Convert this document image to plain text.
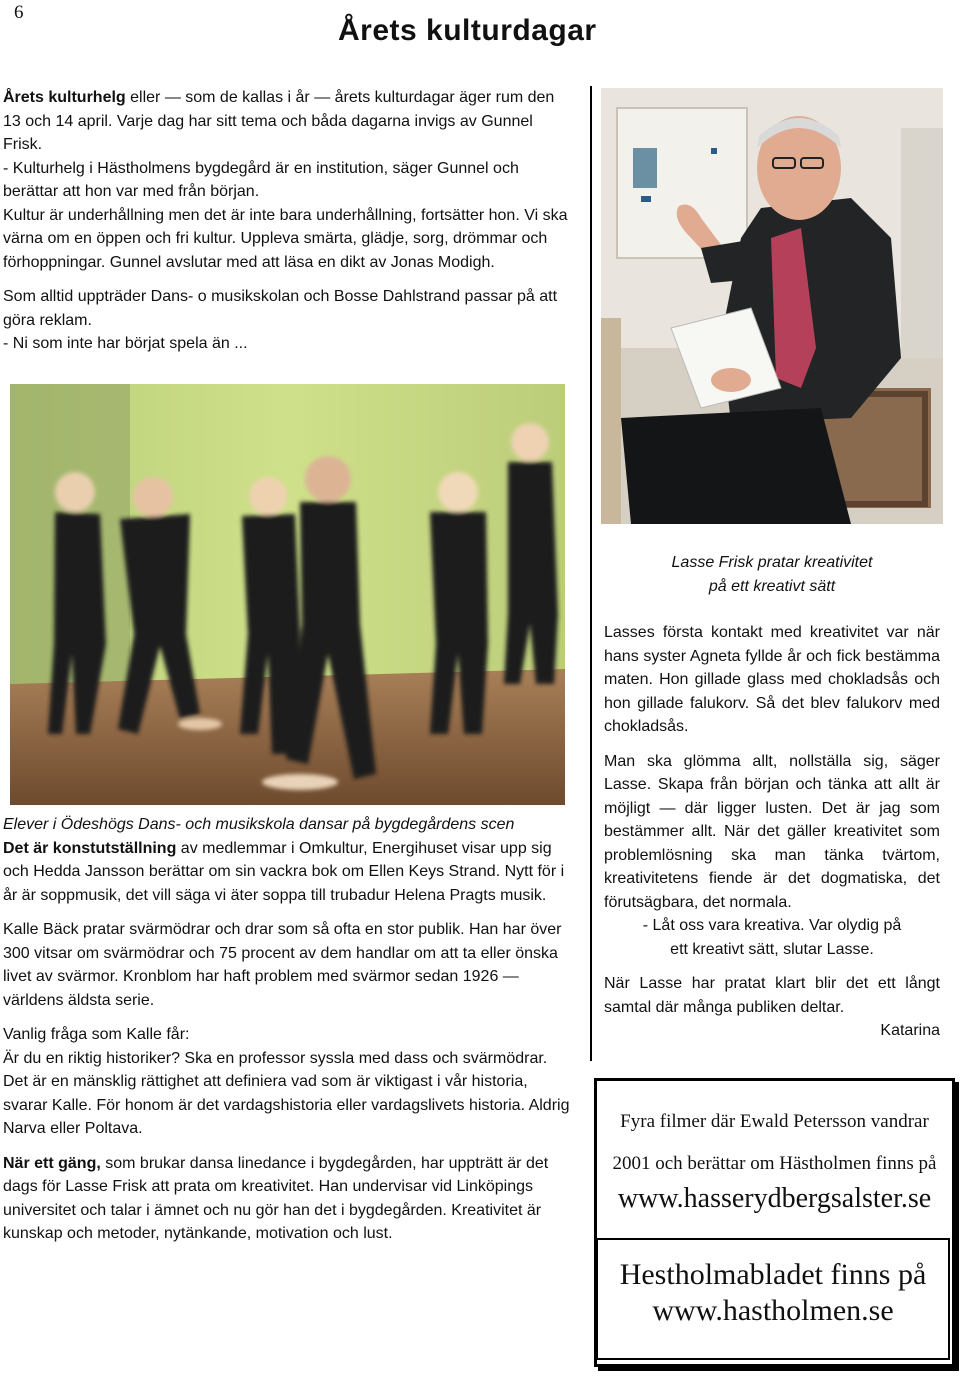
6
Årets kulturdagar

Årets kulturhelg eller — som de kallas i år — årets kulturdagar äger rum den 13 och 14 april. Varje dag har sitt tema och båda dagarna invigs av Gunnel Frisk.

- Kulturhelg i Hästholmens bygdegård är en institution, säger Gunnel och berättar att hon var med från början.

Kultur är underhållning men det är inte bara underhållning, fortsätter hon. Vi ska värna om en öppen och fri kultur. Uppleva smärta, glädje, sorg, drömmar och förhoppningar. Gunnel avslutar med att läsa en dikt av Jonas Modigh.

Som alltid uppträder Dans- o musikskolan och Bosse Dahlstrand passar på att göra reklam.

- Ni som inte har börjat spela än ...

Elever i Ödeshögs Dans- och musikskola dansar på bygdegårdens scen

Det är konstutställning av medlemmar i Omkultur, Energihuset visar upp sig och Hedda Jansson berättar om sin vackra bok om Ellen Keys Strand. Nytt för i år är soppmusik, det vill säga vi äter soppa till trubadur Helena Pragts musik.

Kalle Bäck pratar svärmödrar och drar som så ofta en stor publik. Han har över 300 vitsar om svärmödrar och 75 procent av dem handlar om att ta eller önska livet av svärmor. Kronblom har haft problem med svärmor sedan 1926 — världens äldsta serie.

Vanlig fråga som Kalle får:

Är du en riktig historiker? Ska en professor syssla med dass och svärmödrar.

Det är en mänsklig rättighet att definiera vad som är viktigast i vår historia, svarar Kalle. För honom är det vardagshistoria eller vardagslivets historia. Aldrig Narva eller Poltava.

När ett gäng, som brukar dansa linedance i bygdegården, har uppträtt är det dags för Lasse Frisk att prata om kreativitet. Han undervisar vid Linköpings universitet och talar i ämnet och nu gör han det i bygdegården. Kreativitet är kunskap och metoder, nytänkande, motivation och lust.

Lasse Frisk pratar kreativitet

på ett kreativt sätt

Lasses första kontakt med kreativitet var när hans syster Agneta fyllde år och fick bestämma maten. Hon gillade glass med chokladsås och hon gillade falukorv. Så det blev falukorv med chokladsås.

Man ska glömma allt, nollställa sig, säger Lasse. Skapa från början och tänka att allt är möjligt — där ligger lusten. Det är jag som bestämmer allt. När det gäller kreativitet som problemlösning ska man tänka tvärtom, kreativitetens fiende är det dogmatiska, det förutsägbara, det normala.

- Låt oss vara kreativa. Var olydig på

ett kreativt sätt, slutar Lasse.

När Lasse har pratat klart blir det ett långt samtal där många publiken deltar.

Katarina

Fyra filmer där Ewald Petersson vandrar
2001 och berättar om Hästholmen finns på
www.hasserydbergsalster.se
Hestholmabladet finns på
www.hastholmen.se
